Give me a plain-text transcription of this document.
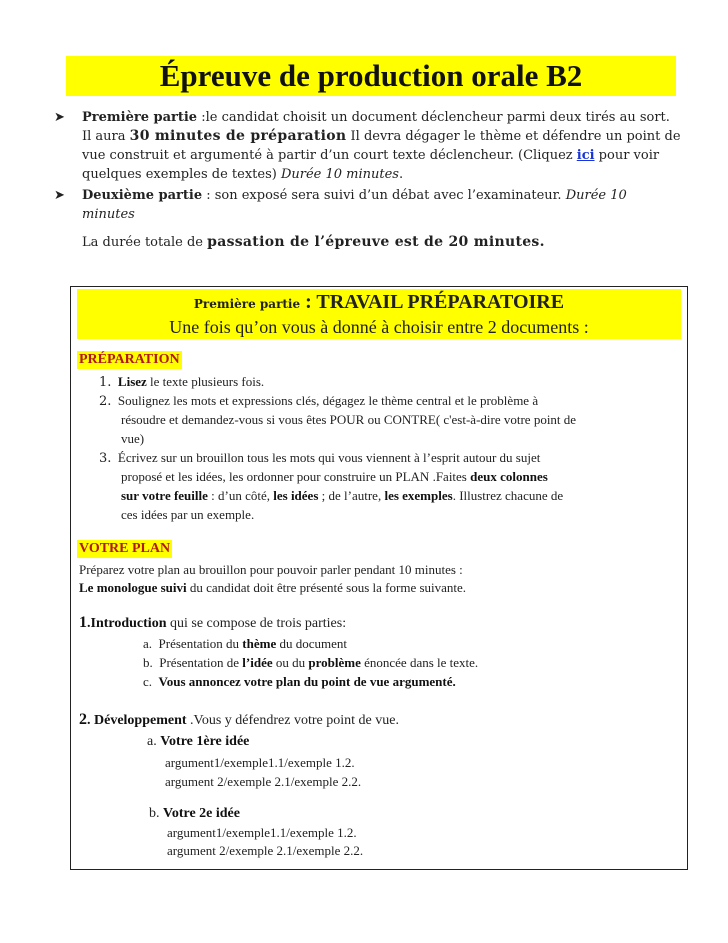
Épreuve de production orale B2
➤	Première partie :le candidat choisit un document déclencheur parmi deux tirés au sort. Il aura 30 minutes de préparation Il devra dégager le thème et défendre un point de vue construit et argumenté à partir d’un court texte déclencheur. (Cliquez ici pour voir quelques exemples de textes) Durée 10 minutes.
➤	Deuxième partie : son exposé sera suivi d’un débat avec l’examinateur. Durée 10 minutes
La durée totale de passation de l’épreuve est de 20 minutes.
Première partie : TRAVAIL PRÉPARATOIRE
Une fois qu’on vous à donné à choisir entre 2 documents :
PRÉPARATION
1. Lisez le texte plusieurs fois.
2. Soulignez les mots et expressions clés, dégagez le thème central et le problème à
résoudre et demandez-vous si vous êtes POUR ou CONTRE( c'est-à-dire votre point de
vue)
3. Écrivez sur un brouillon tous les mots qui vous viennent à l’esprit autour du sujet
proposé et les idées, les ordonner pour construire un PLAN .Faites deux colonnes
sur votre feuille : d’un côté, les idées ; de l’autre, les exemples. Illustrez chacune de
ces idées par un exemple.
VOTRE PLAN
Préparez votre plan au brouillon pour pouvoir parler pendant 10 minutes :
Le monologue suivi du candidat doit être présenté sous la forme suivante.
1.Introduction qui se compose de trois parties:
a. Présentation du thème du document
b. Présentation de l’idée ou du problème énoncée dans le texte.
c. Vous annoncez votre plan du point de vue argumenté.
2. Développement .Vous y défendrez votre point de vue.
a. Votre 1ère idée
argument1/exemple1.1/exemple 1.2.
argument 2/exemple 2.1/exemple 2.2.
b. Votre 2e idée
argument1/exemple1.1/exemple 1.2.
argument 2/exemple 2.1/exemple 2.2.
